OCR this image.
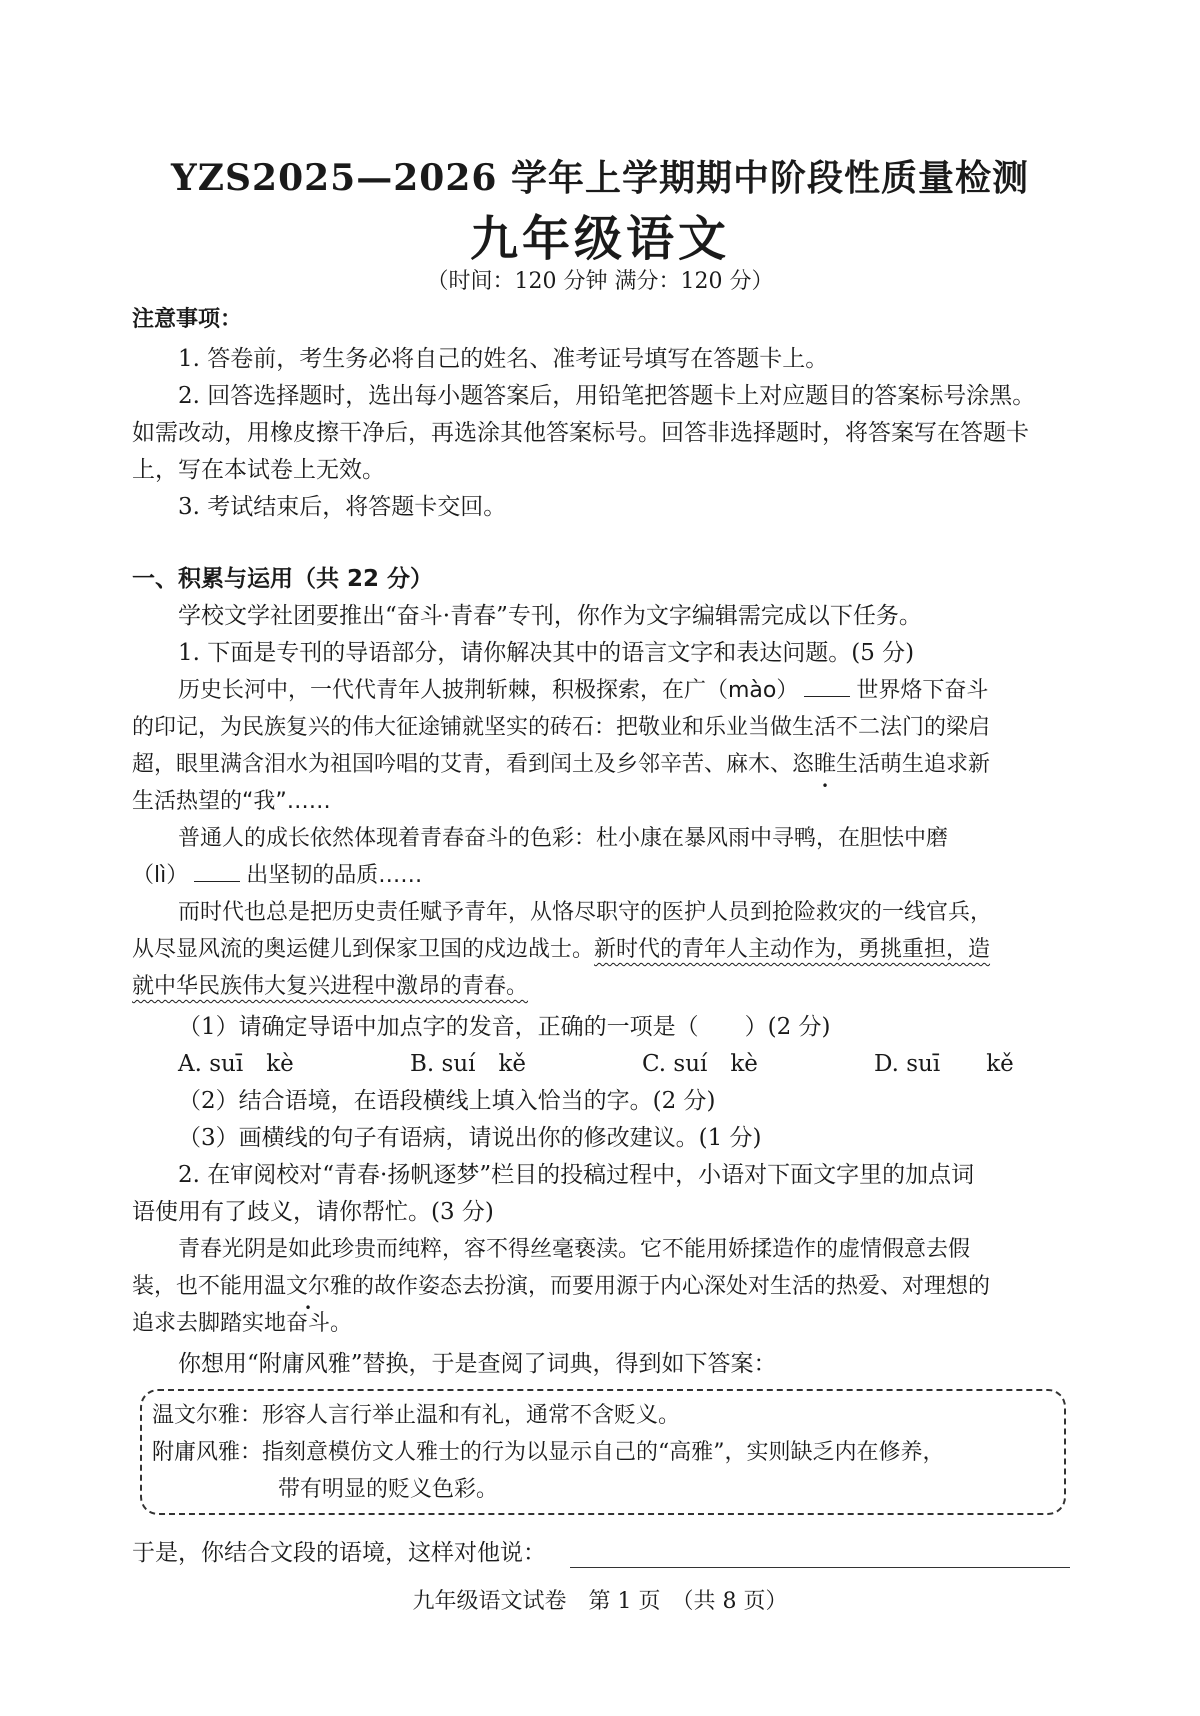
YZS2025—2026 学年上学期期中阶段性质量检测
九年级语文
（时间：120 分钟 满分：120 分）
注意事项：
1. 答卷前，考生务必将自己的姓名、准考证号填写在答题卡上。
2. 回答选择题时，选出每小题答案后，用铅笔把答题卡上对应题目的答案标号涂黑。
如需改动，用橡皮擦干净后，再选涂其他答案标号。回答非选择题时，将答案写在答题卡
上，写在本试卷上无效。
3. 考试结束后，将答题卡交回。
一、积累与运用（共 22 分）
学校文学社团要推出“奋斗·青春”专刊，你作为文字编辑需完成以下任务。
1. 下面是专刊的导语部分，请你解决其中的语言文字和表达问题。(5 分)
历史长河中，一代代青年人披荆斩棘，积极探索，在广（mào）	世界烙下奋斗
的印记，为民族复兴的伟大征途铺就坚实的砖石：把敬业和乐业当做生活不二法门的梁启
超，眼里满含泪水为祖国吟唱的艾青，看到闰土及乡邻辛苦、麻木、恣睢生活萌生追求新
生活热望的“我”……
普通人的成长依然体现着青春奋斗的色彩：杜小康在暴风雨中寻鸭，在胆怯中磨
（lì）	出坚韧的品质……
而时代也总是把历史责任赋予青年，从恪尽职守的医护人员到抢险救灾的一线官兵，
从尽显风流的奥运健儿到保家卫国的戍边战士。新时代的青年人主动作为，勇挑重担，造
就中华民族伟大复兴进程中激昂的青春。
（1）请确定导语中加点字的发音，正确的一项是（　　）(2 分)
A. suī　kè	B. suí　kě	C. suí　kè	D. suī　　kě
（2）结合语境，在语段横线上填入恰当的字。(2 分)
（3）画横线的句子有语病，请说出你的修改建议。(1 分)
2. 在审阅校对“青春·扬帆逐梦”栏目的投稿过程中，小语对下面文字里的加点词
语使用有了歧义，请你帮忙。(3 分)
青春光阴是如此珍贵而纯粹，容不得丝毫亵渎。它不能用娇揉造作的虚情假意去假
装，也不能用温文尔雅的故作姿态去扮演，而要用源于内心深处对生活的热爱、对理想的
追求去脚踏实地奋斗。
你想用“附庸风雅”替换，于是查阅了词典，得到如下答案：
温文尔雅：形容人言行举止温和有礼，通常不含贬义。
附庸风雅：指刻意模仿文人雅士的行为以显示自己的“高雅”，实则缺乏内在修养，
带有明显的贬义色彩。
于是，你结合文段的语境，这样对他说：
九年级语文试卷　第 1 页　（共 8 页）
